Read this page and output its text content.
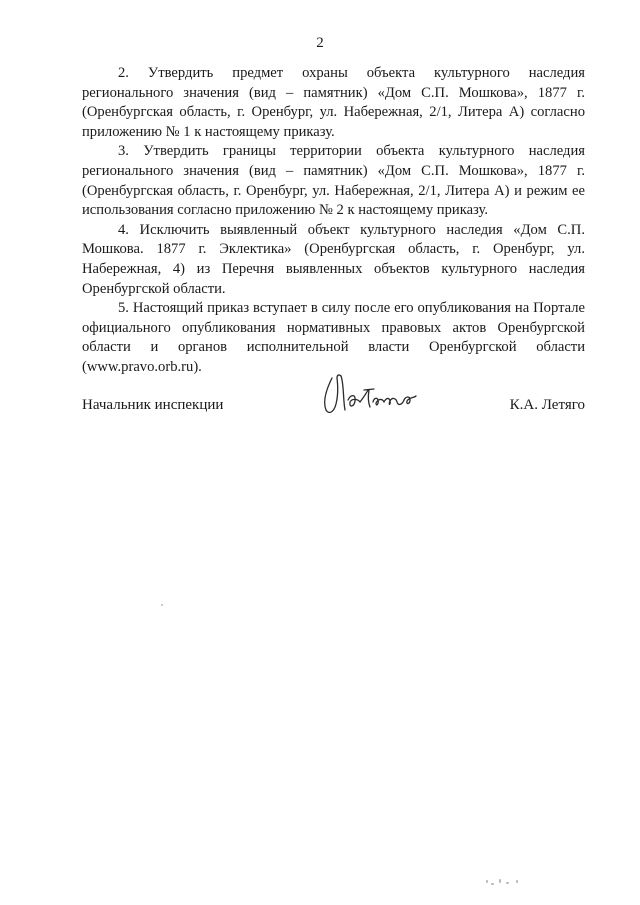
2

2. Утвердить предмет охраны объекта культурного наследия регионального значения (вид – памятник) «Дом С.П. Мошкова», 1877 г. (Оренбургская область, г. Оренбург, ул. Набережная, 2/1, Литера А) согласно приложению № 1 к настоящему приказу.

3. Утвердить границы территории объекта культурного наследия регионального значения (вид – памятник) «Дом С.П. Мошкова», 1877 г. (Оренбургская область, г. Оренбург, ул. Набережная, 2/1, Литера А) и режим ее использования согласно приложению № 2 к настоящему приказу.

4. Исключить выявленный объект культурного наследия «Дом С.П. Мошкова. 1877 г. Эклектика» (Оренбургская область, г. Оренбург, ул. Набережная, 4) из Перечня выявленных объектов культурного наследия Оренбургской области.

5. Настоящий приказ вступает в силу после его опубликования на Портале официального опубликования нормативных правовых актов Оренбургской области и органов исполнительной власти Оренбургской области (www.pravo.orb.ru).

Начальник инспекции	К.А. Летяго
